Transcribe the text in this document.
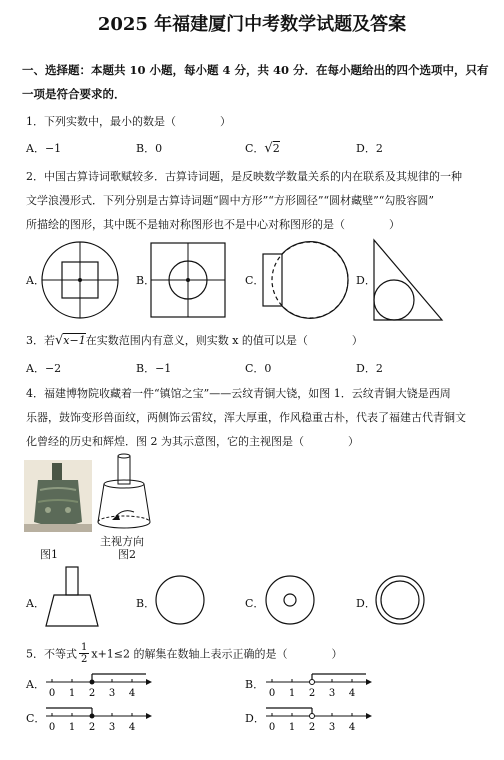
2025 年福建厦门中考数学试题及答案
一、选择题：本题共 10 小题，每小题 4 分，共 40 分．在每小题给出的四个选项中，只有
一项是符合要求的．
1．下列实数中，最小的数是（　　　　）
A．−1	B．0	C．√2	D．2
2．中国古算诗词歌赋较多．古算诗词题，是反映数学数量关系的内在联系及其规律的一种
文学浪漫形式．下列分别是古算诗词题“圆中方形”“方形圆径”“圆材藏壁”“勾股容圆”
所描绘的图形，其中既不是轴对称图形也不是中心对称图形的是（　　　　）
A．	B．	C．	D．
3．若√x−1在实数范围内有意义，则实数 x 的值可以是（　　　　）
A．−2	B．−1	C．0	D．2
4．福建博物院收藏着一件“镇馆之宝”——云纹青铜大铙，如图 1．云纹青铜大铙是西周
乐器，鼓饰变形兽面纹，两侧饰云雷纹，浑大厚重，作风稳重古朴，代表了福建古代青铜文
化曾经的历史和辉煌．图 2 为其示意图，它的主视图是（　　　　）
主视方向
图1	图2
A．	B．	C．	D．
5．不等式 $\frac{1}{2} x+1\le 2$ 的解集在数轴上表示正确的是（　　　　）
A．
0 1 2 3 4
B．
0 1 2 3 4
C．
0 1 2 3 4
D．
0 1 2 3 4
